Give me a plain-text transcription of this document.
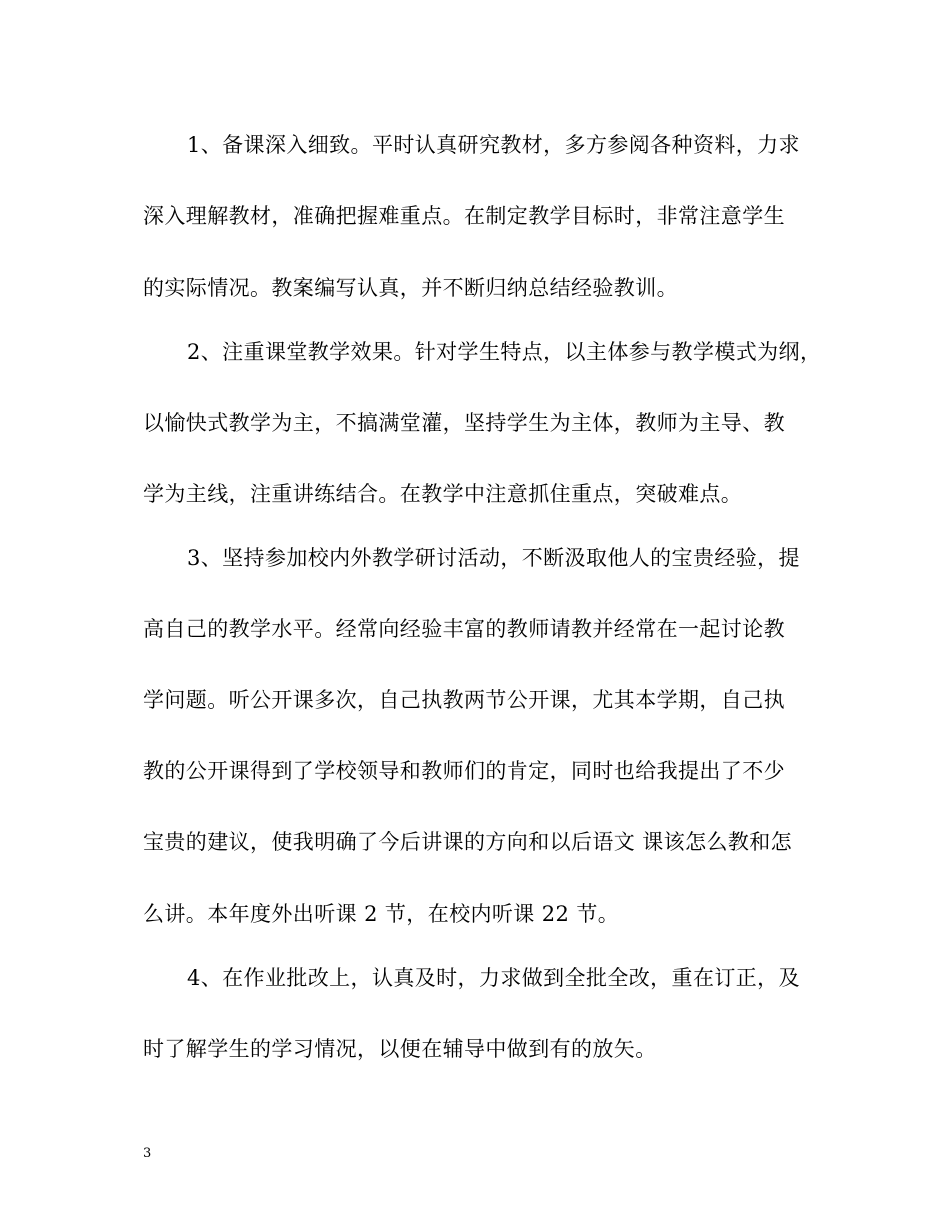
1、备课深入细致。平时认真研究教材，多方参阅各种资料，力求
深入理解教材，准确把握难重点。在制定教学目标时，非常注意学生
的实际情况。教案编写认真，并不断归纳总结经验教训。
2、注重课堂教学效果。针对学生特点，以主体参与教学模式为纲，
以愉快式教学为主，不搞满堂灌，坚持学生为主体，教师为主导、教
学为主线，注重讲练结合。在教学中注意抓住重点，突破难点。
3、坚持参加校内外教学研讨活动，不断汲取他人的宝贵经验，提
高自己的教学水平。经常向经验丰富的教师请教并经常在一起讨论教
学问题。听公开课多次，自己执教两节公开课，尤其本学期，自己执
教的公开课得到了学校领导和教师们的肯定，同时也给我提出了不少
宝贵的建议，使我明确了今后讲课的方向和以后语文 课该怎么教和怎
么讲。本年度外出听课 2 节，在校内听课 22 节。
4、在作业批改上，认真及时，力求做到全批全改，重在订正，及
时了解学生的学习情况，以便在辅导中做到有的放矢。
3
